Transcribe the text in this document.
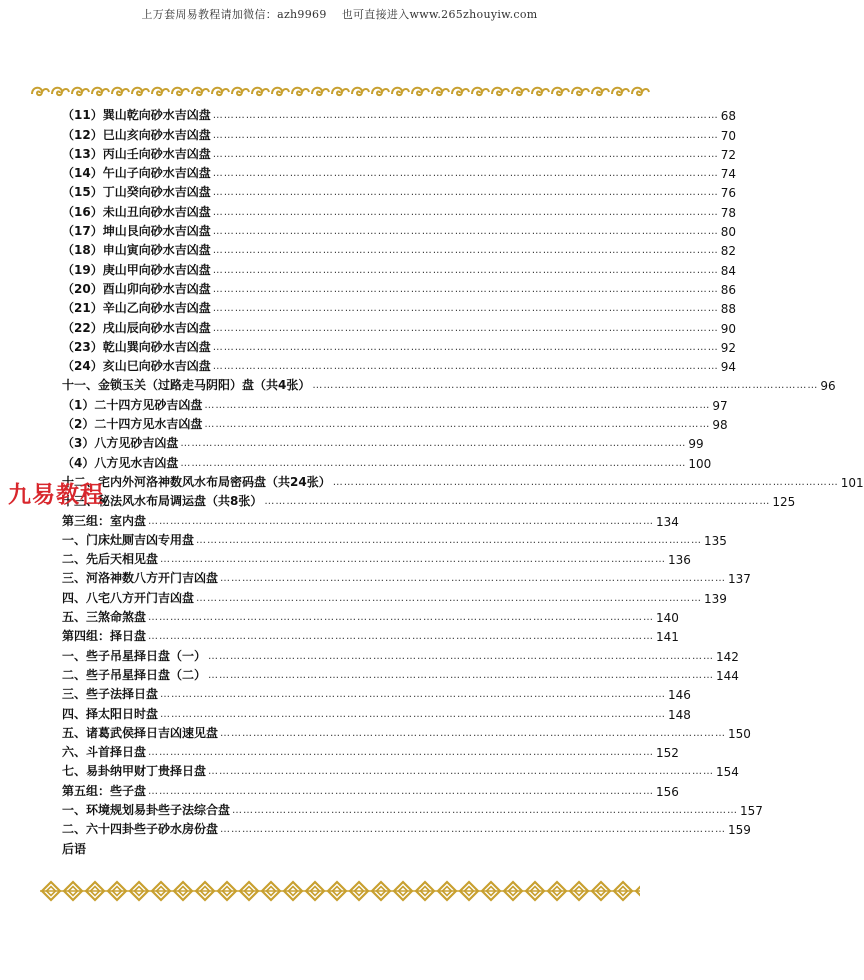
上万套周易教程请加微信：azh9969　 也可直接进入www.265zhouyiw.com
（11）巽山乾向砂水吉凶盘 ………………………………………………………………………………………………………………………… 68
（12）巳山亥向砂水吉凶盘 ………………………………………………………………………………………………………………………… 70
（13）丙山壬向砂水吉凶盘 ………………………………………………………………………………………………………………………… 72
（14）午山子向砂水吉凶盘 ………………………………………………………………………………………………………………………… 74
（15）丁山癸向砂水吉凶盘 ………………………………………………………………………………………………………………………… 76
（16）未山丑向砂水吉凶盘 ………………………………………………………………………………………………………………………… 78
（17）坤山艮向砂水吉凶盘 ………………………………………………………………………………………………………………………… 80
（18）申山寅向砂水吉凶盘 ………………………………………………………………………………………………………………………… 82
（19）庚山甲向砂水吉凶盘 ………………………………………………………………………………………………………………………… 84
（20）酉山卯向砂水吉凶盘 ………………………………………………………………………………………………………………………… 86
（21）辛山乙向砂水吉凶盘 ………………………………………………………………………………………………………………………… 88
（22）戌山辰向砂水吉凶盘 ………………………………………………………………………………………………………………………… 90
（23）乾山巽向砂水吉凶盘 ………………………………………………………………………………………………………………………… 92
（24）亥山巳向砂水吉凶盘 ………………………………………………………………………………………………………………………… 94
十一、金锁玉关（过路走马阴阳）盘（共4张） ………………………………………………………………………………………………………………………… 96
（1）二十四方见砂吉凶盘 ………………………………………………………………………………………………………………………… 97
（2）二十四方见水吉凶盘 ………………………………………………………………………………………………………………………… 98
（3）八方见砂吉凶盘 ………………………………………………………………………………………………………………………… 99
（4）八方见水吉凶盘 ………………………………………………………………………………………………………………………… 100
十二、宅内外河洛神数风水布局密码盘（共24张） ………………………………………………………………………………………………………………………… 101
十三、秘法风水布局调运盘（共8张） ………………………………………………………………………………………………………………………… 125
第三组：室内盘 ………………………………………………………………………………………………………………………… 134
一、门床灶厕吉凶专用盘 ………………………………………………………………………………………………………………………… 135
二、先后天相见盘 ………………………………………………………………………………………………………………………… 136
三、河洛神数八方开门吉凶盘 ………………………………………………………………………………………………………………………… 137
四、八宅八方开门吉凶盘 ………………………………………………………………………………………………………………………… 139
五、三煞命煞盘 ………………………………………………………………………………………………………………………… 140
第四组：择日盘 ………………………………………………………………………………………………………………………… 141
一、些子吊星择日盘（一） ………………………………………………………………………………………………………………………… 142
二、些子吊星择日盘（二） ………………………………………………………………………………………………………………………… 144
三、些子法择日盘 ………………………………………………………………………………………………………………………… 146
四、择太阳日时盘 ………………………………………………………………………………………………………………………… 148
五、诸葛武侯择日吉凶速见盘 ………………………………………………………………………………………………………………………… 150
六、斗首择日盘 ………………………………………………………………………………………………………………………… 152
七、易卦纳甲财丁贵择日盘 ………………………………………………………………………………………………………………………… 154
第五组：些子盘 ………………………………………………………………………………………………………………………… 156
一、环境规划易卦些子法综合盘 ………………………………………………………………………………………………………………………… 157
二、六十四卦些子砂水房份盘 ………………………………………………………………………………………………………………………… 159
后语
九易教程
